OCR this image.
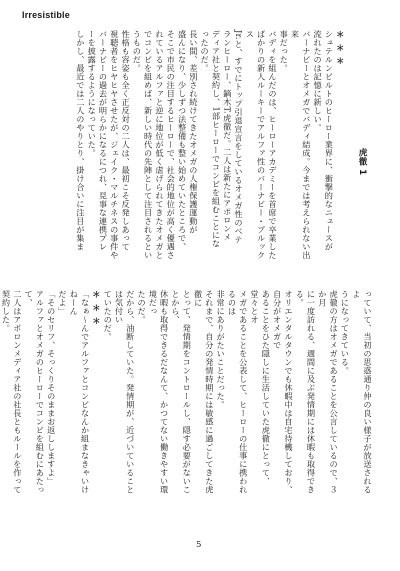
Irresistible

虎徹 1

＊＊＊

シュテルンビルトのヒーロー業界に、衝撃的なニュースが

流れたのは記憶に新しい。

バーナビーとオメガでバディ結成。今までは考えられない出来

事だった。

バディを組んだのは、ヒーローアカデミーを首席で卒業した

ばかりの新人ルーキーでアルファ性のバーナビー・ブルックス

Jr.と、すでにトップ引退宣言をしているオメガ性のベテ

ランヒーロー、鏑木T.虎徹だ。二人は新たにアポロンメ

ディア社と契約し、1部ヒーローでコンビを組むことにな

ったのだ。

長い間、差別され続けてきたオメガの人権保護運動が

盛んになり、少しずつ法整備も整い始めていたところで、

そこで市民の注目するヒーローで、社会的地位が高く優遇さ

れているアルファと逆に地位が低く虐げられてきたオメガと

でコンビを組めば、新しい時代の先陣として注目されるとい

うものだ。

性格も容姿も全く正反対の二人は、最初こそ反発しあって

視聴者をヒヤヒヤさせたが、ジェイク・マルチネスの事件や

バーナビーの過去が明らかになるにつれ、見事な連携プレ

ーを披露するようになっていた。

しかし、最近では二人のやりとり、掛け合いに注目が集ま

っていて、当初の思惑通り仲の良い様子が放送されるよ

うになってきている。

虎徹の方はオメガであることを公言しているので、３か月

に一度訪れる、週間に及ぶ発情期には休暇も取得できる。

オリエンタルタウンでも休暇中は自宅待機しており、自分がオメガで

あることをひた隠しに生活していた虎徹にとって、堂々とオ

メガであることを公表して、ヒーローの仕事に携われるのは

非常にありがたいことだった。

それまで、自分の発情時期には敏感に過ごしてきた虎徹に

とって、発情期をコントロールし、隠す必要がないことから、

休暇も取得できるだなんて、かつてない働きやすい環境だっ

たのだ。

だから、油断していた。発情期が、近づいていることは気付い

ていたのだ。

＊＊＊

「なぁ～んでアルファとコンビなんか組まなきゃいけねーん

だよ」

「そのセリフ、そっくりそのままお返ししますよ」

アルファとオメガのヒーローでコンビを組むにあたって、

二人はアポロンメディア社の社長ともルールを作って契約した。

5
